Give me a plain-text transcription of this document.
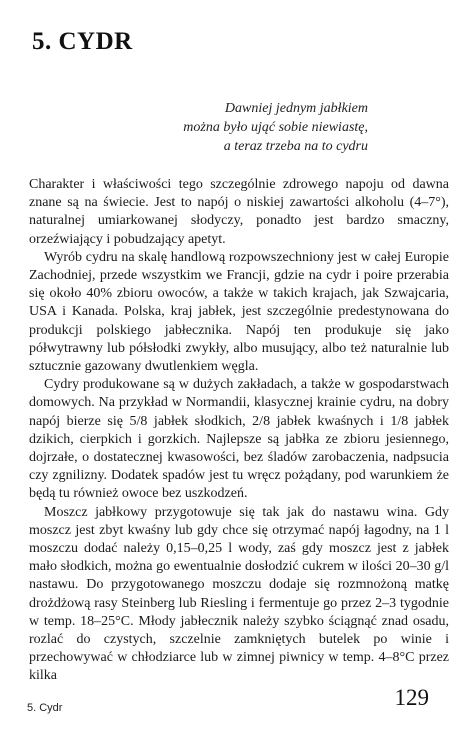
5. CYDR
Dawniej jednym jabłkiem
można było ująć sobie niewiastę,
a teraz trzeba na to cydru

Charakter i właściwości tego szczególnie zdrowego napoju od dawna znane są na świecie. Jest to napój o niskiej zawartości alkoholu (4–7°), naturalnej umiarkowanej słodyczy, ponadto jest bardzo smaczny, orzeźwiający i pobudzający apetyt.

Wyrób cydru na skalę handlową rozpowszechniony jest w całej Europie Zachodniej, przede wszystkim we Francji, gdzie na cydr i poire przerabia się około 40% zbioru owoców, a także w takich krajach, jak Szwajcaria, USA i Kanada. Polska, kraj jabłek, jest szczególnie predestynowana do produkcji polskiego jabłecznika. Napój ten produkuje się jako półwytrawny lub półsłodki zwykły, albo musujący, albo też naturalnie lub sztucznie gazowany dwutlenkiem węgla.

Cydry produkowane są w dużych zakładach, a także w gospodarstwach domowych. Na przykład w Normandii, klasycznej krainie cydru, na dobry napój bierze się 5/8 jabłek słodkich, 2/8 jabłek kwaśnych i 1/8 jabłek dzikich, cierpkich i gorzkich. Najlepsze są jabłka ze zbioru jesiennego, dojrzałe, o dostatecznej kwasowości, bez śladów zarobaczenia, nadpsucia czy zgnilizny. Dodatek spadów jest tu wręcz pożądany, pod warunkiem że będą tu również owoce bez uszkodzeń.

Moszcz jabłkowy przygotowuje się tak jak do nastawu wina. Gdy moszcz jest zbyt kwaśny lub gdy chce się otrzymać napój łagodny, na 1 l moszczu dodać należy 0,15–0,25 l wody, zaś gdy moszcz jest z jabłek mało słodkich, można go ewentualnie dosłodzić cukrem w ilości 20–30 g/l nastawu. Do przygotowanego moszczu dodaje się rozmnożoną matkę drożdżową rasy Steinberg lub Riesling i fermentuje go przez 2–3 tygodnie w temp. 18–25°C. Młody jabłecznik należy szybko ściągnąć znad osadu, rozlać do czystych, szczelnie zamkniętych butelek po winie i przechowywać w chłodziarce lub w zimnej piwnicy w temp. 4–8°C przez kilka

5. Cydr	129
